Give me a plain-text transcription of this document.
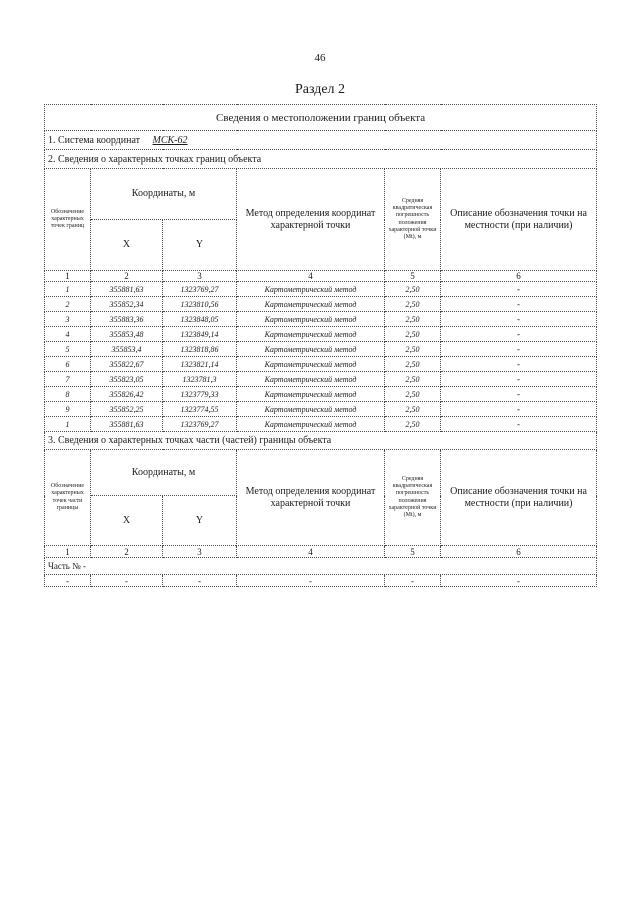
46
Раздел 2
Сведения о местоположении границ объекта					
1. Система координат МСК-62					
2. Сведения о характерных точках границ объекта					
Обозначение характерных точек границ	Координаты, м		Метод определения координат характерной точки	Средняя квадратическая погрешность положения характерной точки (Mt), м	Описание обозначения точки на местности (при наличии)
	X	Y			
1	2	3	4	5	6
1	355881,63	1323769,27	Картометрический метод	2,50	-
2	355852,34	1323810,56	Картометрический метод	2,50	-
3	355883,36	1323848,05	Картометрический метод	2,50	-
4	355853,48	1323849,14	Картометрический метод	2,50	-
5	355853,4	1323818,86	Картометрический метод	2,50	-
6	355822,67	1323821,14	Картометрический метод	2,50	-
7	355823,05	1323781,3	Картометрический метод	2,50	-
8	355826,42	1323779,33	Картометрический метод	2,50	-
9	355852,25	1323774,55	Картометрический метод	2,50	-
1	355881,63	1323769,27	Картометрический метод	2,50	-
3. Сведения о характерных точках части (частей) границы объекта					
Обозначение характерных точек части границы	Координаты, м		Метод определения координат характерной точки	Средняя квадратическая погрешность положения характерной точки (Mt), м	Описание обозначения точки на местности (при наличии)
	X	Y			
1	2	3	4	5	6
Часть № -					
-	-	-	-	-	-
